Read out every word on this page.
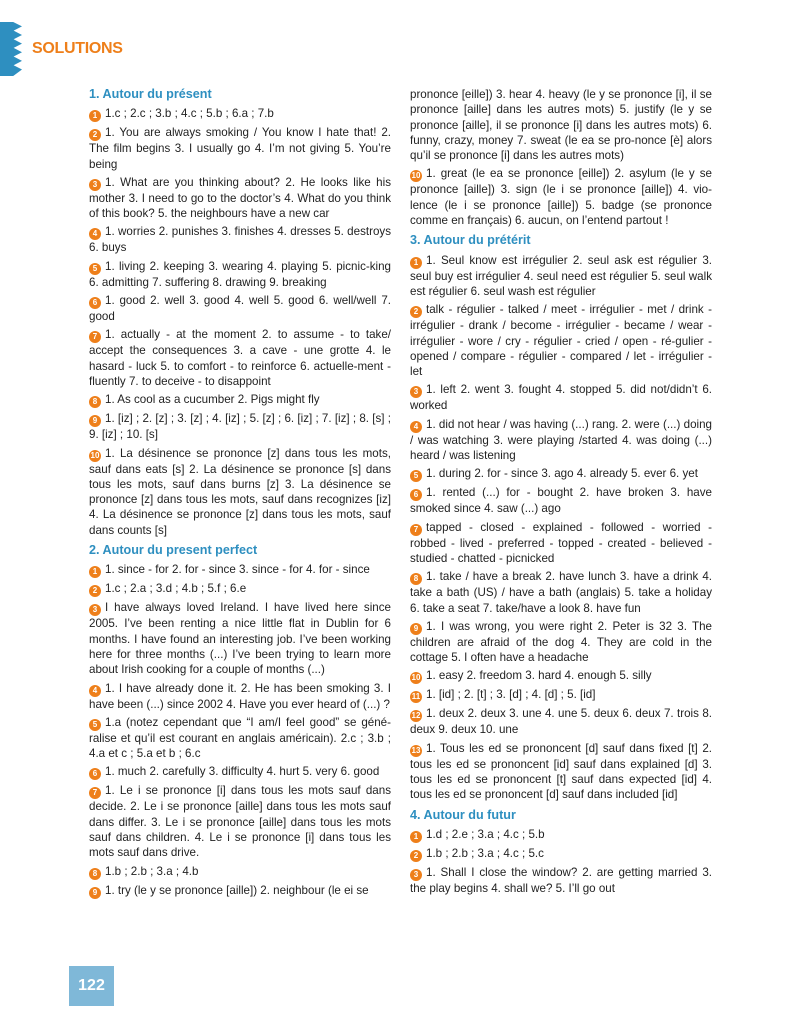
SOLUTIONS
1. Autour du présent
1 1.c ; 2.c ; 3.b ; 4.c ; 5.b ; 6.a ; 7.b
2 1. You are always smoking / You know I hate that! 2. The film begins 3. I usually go 4. I’m not giving 5. You’re being
3 1. What are you thinking about? 2. He looks like his mother 3. I need to go to the doctor’s 4. What do you think of this book? 5. the neighbours have a new car
4 1. worries 2. punishes 3. finishes 4. dresses 5. destroys 6. buys
5 1. living 2. keeping 3. wearing 4. playing 5. picnic-king 6. admitting 7. suffering 8. drawing 9. breaking
6 1. good 2. well 3. good 4. well 5. good 6. well/well 7. good
7 1. actually - at the moment 2. to assume - to take/ accept the consequences 3. a cave - une grotte 4. le hasard - luck 5. to comfort - to reinforce 6. actuelle-ment - fluently 7. to deceive - to disappoint
8 1. As cool as a cucumber 2. Pigs might fly
9 1. [iz] ; 2. [z] ; 3. [z] ; 4. [iz] ; 5. [z] ; 6. [iz] ; 7. [iz] ; 8. [s] ; 9. [iz] ; 10. [s]
10 1. La désinence se prononce [z] dans tous les mots, sauf dans eats [s] 2. La désinence se prononce [s] dans tous les mots, sauf dans burns [z] 3. La désinence se prononce [z] dans tous les mots, sauf dans recognizes [iz] 4. La désinence se prononce [z] dans tous les mots, sauf dans counts [s]
2. Autour du present perfect
1 1. since - for 2. for - since 3. since - for 4. for - since
2 1.c ; 2.a ; 3.d ; 4.b ; 5.f ; 6.e
3 I have always loved Ireland. I have lived here since 2005. I’ve been renting a nice little flat in Dublin for 6 months. I have found an interesting job. I’ve been working here for three months (...) I’ve been trying to learn more about Irish cooking for a couple of months (...)
4 1. I have already done it. 2. He has been smoking 3. I have been (...) since 2002 4. Have you ever heard of (...) ?
5 1.a (notez cependant que “I am/I feel good” se géné-ralise et qu’il est courant en anglais américain). 2.c ; 3.b ; 4.a et c ; 5.a et b ; 6.c
6 1. much 2. carefully 3. difficulty 4. hurt 5. very 6. good
7 1. Le i se prononce [i] dans tous les mots sauf dans decide. 2. Le i se prononce [aille] dans tous les mots sauf dans differ. 3. Le i se prononce [aille] dans tous les mots sauf dans children. 4. Le i se prononce [i] dans tous les mots sauf dans drive.
8 1.b ; 2.b ; 3.a ; 4.b
9 1. try (le y se prononce [aille]) 2. neighbour (le ei se
prononce [eille]) 3. hear 4. heavy (le y se prononce [i], il se prononce [aille] dans les autres mots) 5. justify (le y se prononce [aille], il se prononce [i] dans les autres mots) 6. funny, crazy, money 7. sweat (le ea se pro-nonce [è] alors qu’il se prononce [i] dans les autres mots)
10 1. great (le ea se prononce [eille]) 2. asylum (le y se prononce [aille]) 3. sign (le i se prononce [aille]) 4. vio-lence (le i se prononce [aille]) 5. badge (se prononce comme en français) 6. aucun, on l’entend partout !
3. Autour du prétérit
1 1. Seul know est irrégulier 2. seul ask est régulier 3. seul buy est irrégulier 4. seul need est régulier 5. seul walk est régulier 6. seul wash est régulier
2 talk - régulier - talked / meet - irrégulier - met / drink - irrégulier - drank / become - irrégulier - became / wear - irrégulier - wore / cry - régulier - cried / open - ré-gulier - opened / compare - régulier - compared / let - irrégulier - let
3 1. left 2. went 3. fought 4. stopped 5. did not/didn’t 6. worked
4 1. did not hear / was having (...) rang. 2. were (...) doing / was watching 3. were playing /started 4. was doing (...) heard / was listening
5 1. during 2. for - since 3. ago 4. already 5. ever 6. yet
6 1. rented (...) for - bought 2. have broken 3. have smoked since 4. saw (...) ago
7 tapped - closed - explained - followed - worried - robbed - lived - preferred - topped - created - believed - studied - chatted - picnicked
8 1. take / have a break 2. have lunch 3. have a drink 4. take a bath (US) / have a bath (anglais) 5. take a holiday 6. take a seat 7. take/have a look 8. have fun
9 1. I was wrong, you were right 2. Peter is 32 3. The children are afraid of the dog 4. They are cold in the cottage 5. I often have a headache
10 1. easy 2. freedom 3. hard 4. enough 5. silly
11 1. [id] ; 2. [t] ; 3. [d] ; 4. [d] ; 5. [id]
12 1. deux 2. deux 3. une 4. une 5. deux 6. deux 7. trois 8. deux 9. deux 10. une
13 1. Tous les ed se prononcent [d] sauf dans fixed [t] 2. tous les ed se prononcent [id] sauf dans explained [d] 3. tous les ed se prononcent [t] sauf dans expected [id] 4. tous les ed se prononcent [d] sauf dans included [id]
4. Autour du futur
1 1.d ; 2.e ; 3.a ; 4.c ; 5.b
2 1.b ; 2.b ; 3.a ; 4.c ; 5.c
3 1. Shall I close the window? 2. are getting married 3. the play begins 4. shall we? 5. I’ll go out
122
